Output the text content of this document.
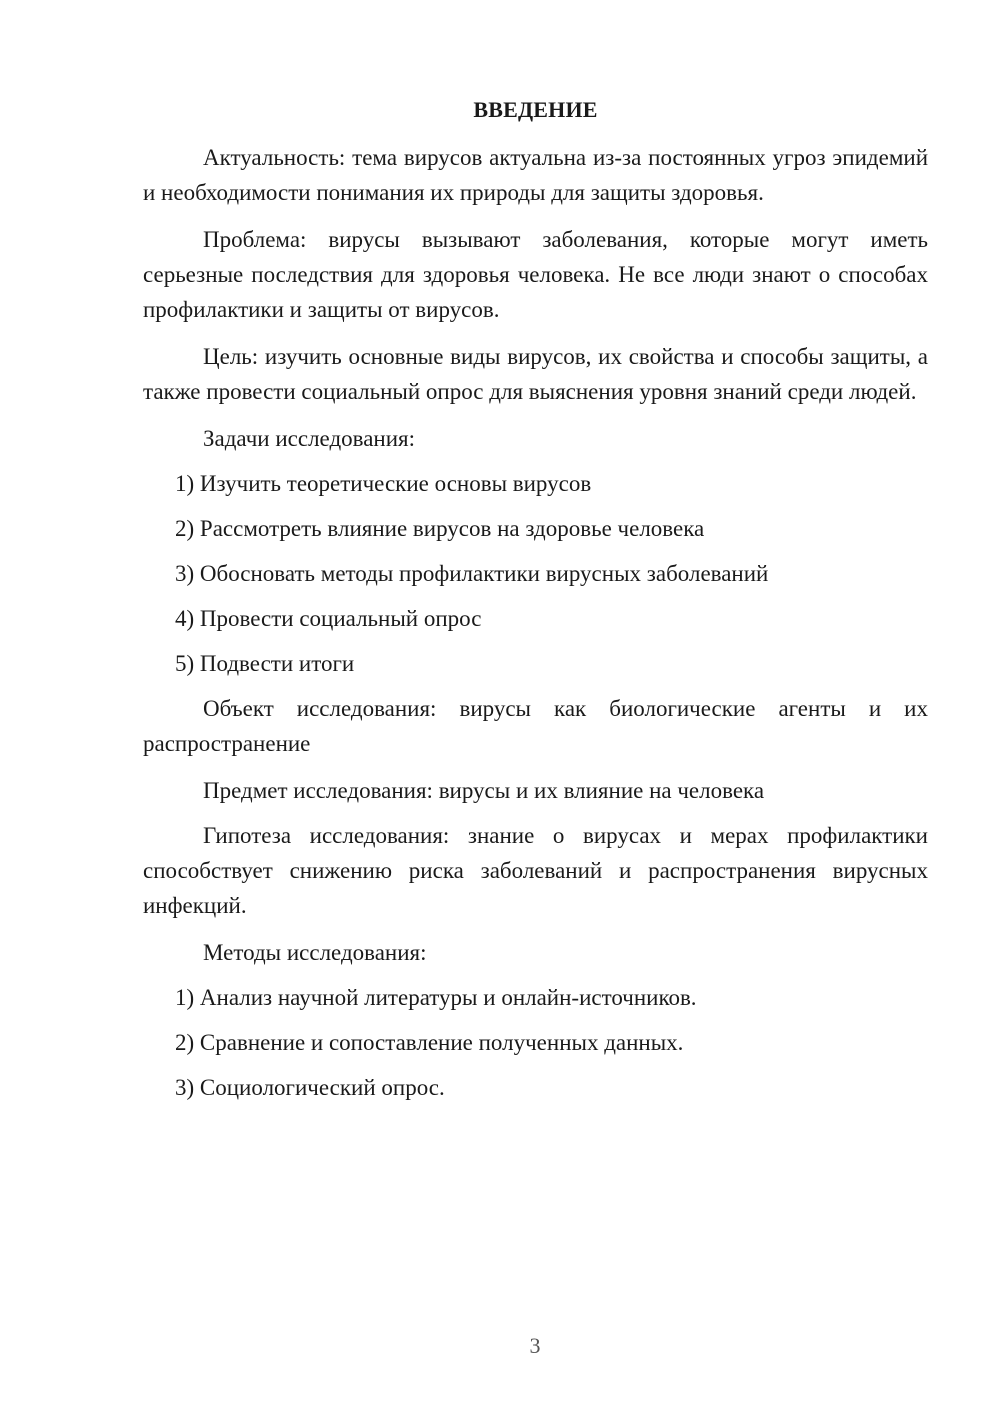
ВВЕДЕНИЕ

Актуальность: тема вирусов актуальна из-за постоянных угроз эпидемий и необходимости понимания их природы для защиты здоровья.

Проблема: вирусы вызывают заболевания, которые могут иметь серьезные последствия для здоровья человека. Не все люди знают о способах профилактики и защиты от вирусов.

Цель: изучить основные виды вирусов, их свойства и способы защиты, а также провести социальный опрос для выяснения уровня знаний среди людей.

Задачи исследования:

1) Изучить теоретические основы вирусов
2) Рассмотреть влияние вирусов на здоровье человека
3) Обосновать методы профилактики вирусных заболеваний
4) Провести социальный опрос
5) Подвести итоги

Объект исследования: вирусы как биологические агенты и их распространение

Предмет исследования: вирусы и их влияние на человека

Гипотеза исследования: знание о вирусах и мерах профилактики способствует снижению риска заболеваний и распространения вирусных инфекций.

Методы исследования:

1) Анализ научной литературы и онлайн-источников.
2) Сравнение и сопоставление полученных данных.
3) Социологический опрос.
3
